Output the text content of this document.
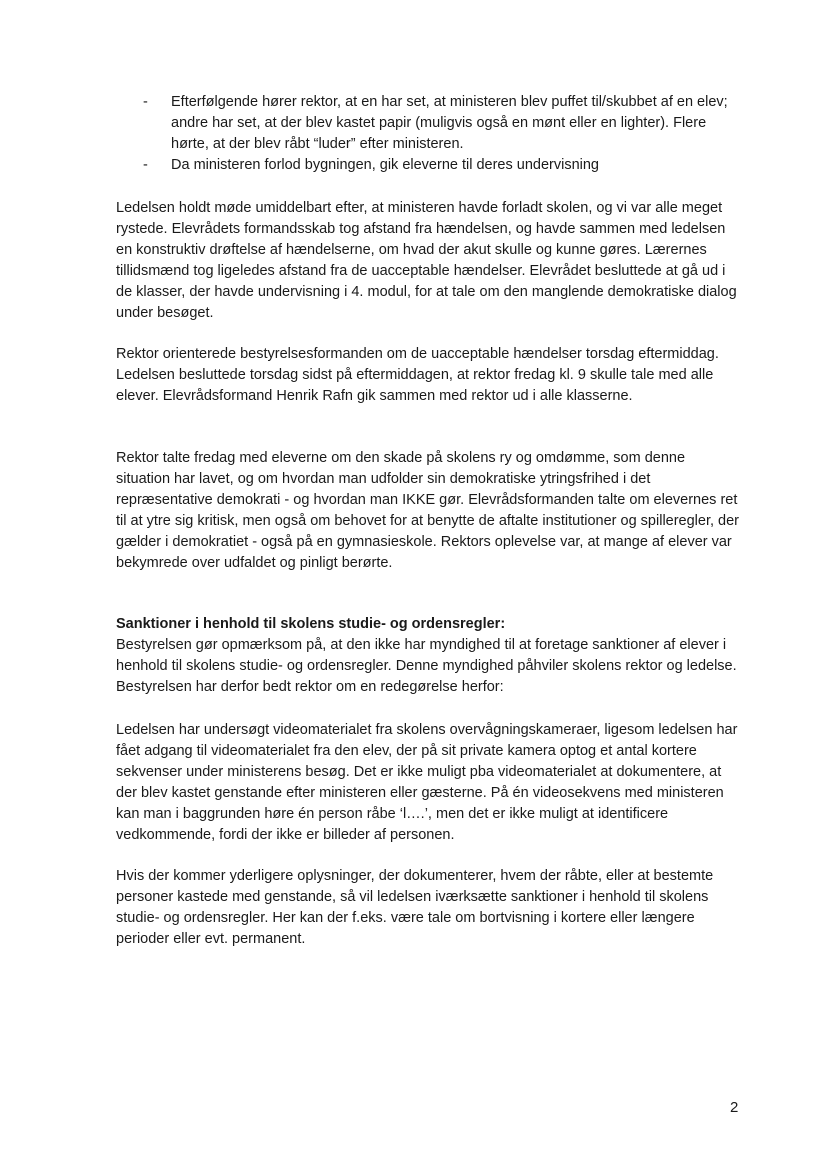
- Efterfølgende hører rektor, at en har set, at ministeren blev puffet til/skubbet af en elev; andre har set, at der blev kastet papir (muligvis også en mønt eller en lighter). Flere hørte, at der blev råbt “luder” efter ministeren.
- Da ministeren forlod bygningen, gik eleverne til deres undervisning

Ledelsen holdt møde umiddelbart efter, at ministeren havde forladt skolen, og vi var alle meget rystede. Elevrådets formandsskab tog afstand fra hændelsen, og havde sammen med ledelsen en konstruktiv drøftelse af hændelserne, om hvad der akut skulle og kunne gøres. Lærernes tillidsmænd tog ligeledes afstand fra de uacceptable hændelser. Elevrådet besluttede at gå ud i de klasser, der havde undervisning i 4. modul, for at tale om den manglende demokratiske dialog under besøget.

Rektor orienterede bestyrelsesformanden om de uacceptable hændelser torsdag eftermiddag. Ledelsen besluttede torsdag sidst på eftermiddagen, at rektor fredag kl. 9 skulle tale med alle elever. Elevrådsformand Henrik Rafn gik sammen med rektor ud i alle klasserne.

Rektor talte fredag med eleverne om den skade på skolens ry og omdømme, som denne situation har lavet, og om hvordan man udfolder sin demokratiske ytringsfrihed i det repræsentative demokrati - og hvordan man IKKE gør. Elevrådsformanden talte om elevernes ret til at ytre sig kritisk, men også om behovet for at benytte de aftalte institutioner og spilleregler, der gælder i demokratiet - også på en gymnasieskole. Rektors oplevelse var, at mange af elever var bekymrede over udfaldet og pinligt berørte.

Sanktioner i henhold til skolens studie- og ordensregler:
Bestyrelsen gør opmærksom på, at den ikke har myndighed til at foretage sanktioner af elever i henhold til skolens studie- og ordensregler. Denne myndighed påhviler skolens rektor og ledelse. Bestyrelsen har derfor bedt rektor om en redegørelse herfor:

Ledelsen har undersøgt videomaterialet fra skolens overvågningskameraer, ligesom ledelsen har fået adgang til videomaterialet fra den elev, der på sit private kamera optog et antal kortere sekvenser under ministerens besøg. Det er ikke muligt pba videomaterialet at dokumentere, at der blev kastet genstande efter ministeren eller gæsterne. På én videosekvens med ministeren kan man i baggrunden høre én person råbe ‘l….’, men det er ikke muligt at identificere vedkommende, fordi der ikke er billeder af personen.

Hvis der kommer yderligere oplysninger, der dokumenterer, hvem der råbte, eller at bestemte personer kastede med genstande, så vil ledelsen iværksætte sanktioner i henhold til skolens studie- og ordensregler. Her kan der f.eks. være tale om bortvisning i kortere eller længere perioder eller evt. permanent.

2
